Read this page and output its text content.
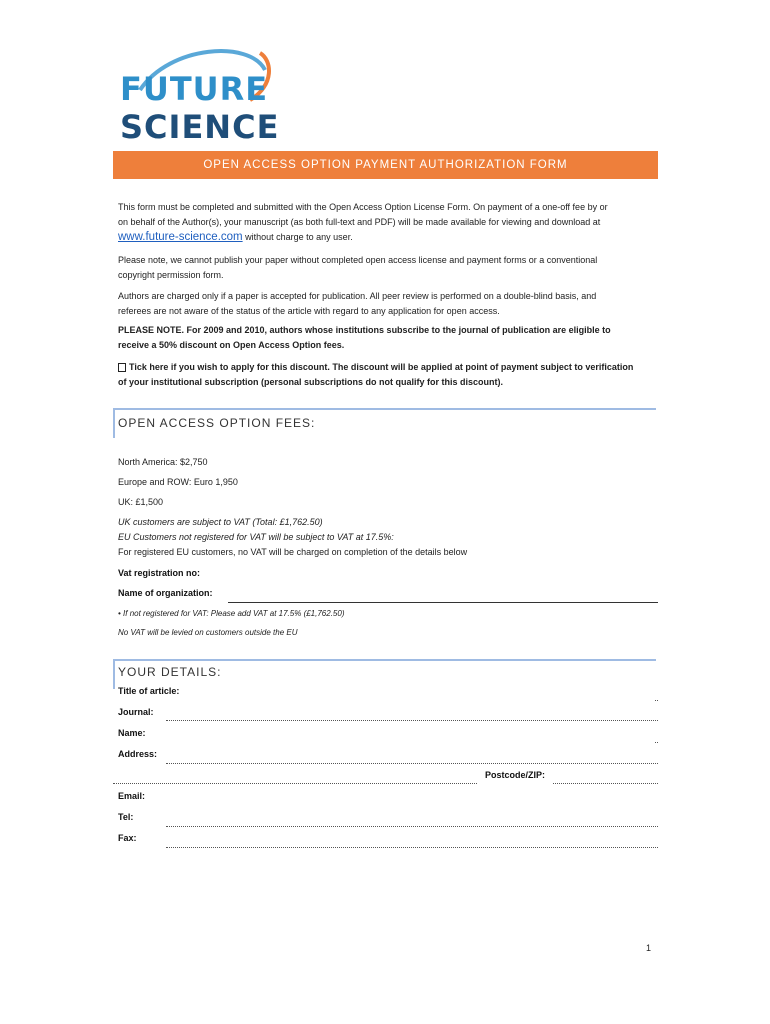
FUTURE
SCIENCE
OPEN ACCESS OPTION PAYMENT AUTHORIZATION FORM
This form must be completed and submitted with the Open Access Option License Form. On payment of a one-off fee by or
on behalf of the Author(s), your manuscript (as both full-text and PDF) will be made available for viewing and download at
www.future-science.com without charge to any user.
Please note, we cannot publish your paper without completed open access license and payment forms or a conventional
copyright permission form.
Authors are charged only if a paper is accepted for publication. All peer review is performed on a double-blind basis, and
referees are not aware of the status of the article with regard to any application for open access.
PLEASE NOTE. For 2009 and 2010, authors whose institutions subscribe to the journal of publication are eligible to
receive a 50% discount on Open Access Option fees.
Tick here if you wish to apply for this discount. The discount will be applied at point of payment subject to verification
of your institutional subscription (personal subscriptions do not qualify for this discount).
OPEN ACCESS OPTION FEES:
North America: $2,750
Europe and ROW: Euro 1,950
UK: £1,500
UK customers are subject to VAT (Total: £1,762.50)
EU Customers not registered for VAT will be subject to VAT at 17.5%:
For registered EU customers, no VAT will be charged on completion of the details below
Vat registration no:
Name of organization:
• If not registered for VAT: Please add VAT at 17.5% (£1,762.50)
No VAT will be levied on customers outside the EU
YOUR DETAILS:
Title of article:
Journal:
Name:
Address:
Postcode/ZIP:
Email:
Tel:
Fax:
1
